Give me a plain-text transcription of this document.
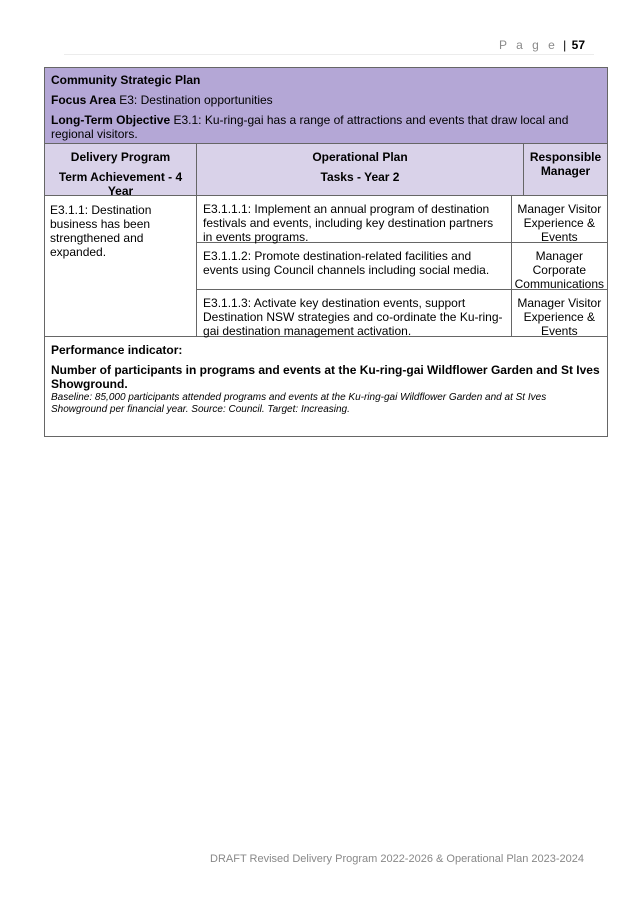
P a g e | 57

Community Strategic Plan

Focus Area E3: Destination opportunities

Long-Term Objective E3.1: Ku-ring-gai has a range of attractions and events that draw local and regional visitors.

Delivery Program
Term Achievement - 4 Year
Operational Plan
Tasks - Year 2
Responsible Manager
E3.1.1: Destination business has been strengthened and expanded.
E3.1.1.1: Implement an annual program of destination festivals and events, including key destination partners in events programs.
E3.1.1.2: Promote destination-related facilities and events using Council channels including social media.
E3.1.1.3: Activate key destination events, support Destination NSW strategies and co-ordinate the Ku-ring-gai destination management activation.
Manager Visitor Experience & Events
Manager Corporate Communications
Manager Visitor Experience & Events
Performance indicator:
Number of participants in programs and events at the Ku-ring-gai Wildflower Garden and St Ives Showground.
Baseline: 85,000 participants attended programs and events at the Ku-ring-gai Wildflower Garden and at St Ives Showground per financial year. Source: Council. Target: Increasing.
DRAFT Revised Delivery Program 2022-2026 & Operational Plan 2023-2024
